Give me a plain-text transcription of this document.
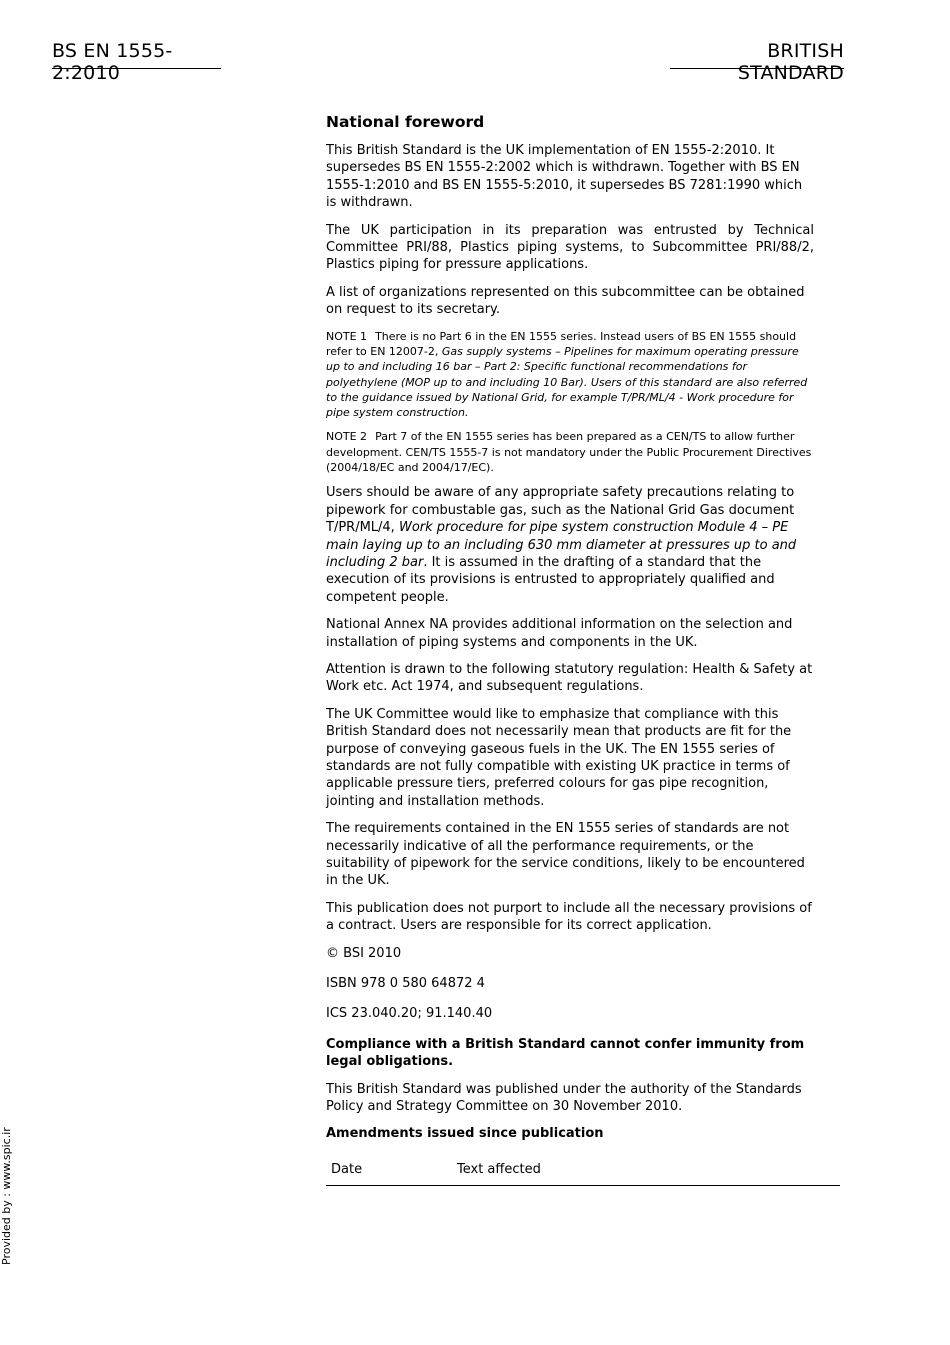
BS EN 1555-2:2010
BRITISH STANDARD
Provided by : www.spic.ir
National foreword

This British Standard is the UK implementation of EN 1555-2:2010. It supersedes BS EN 1555-2:2002 which is withdrawn. Together with BS EN 1555-1:2010 and BS EN 1555-5:2010, it supersedes BS 7281:1990 which is withdrawn.

The UK participation in its preparation was entrusted by Technical Committee PRI/88, Plastics piping systems, to Subcommittee PRI/88/2, Plastics piping for pressure applications.

A list of organizations represented on this subcommittee can be obtained on request to its secretary.

NOTE 1 There is no Part 6 in the EN 1555 series. Instead users of BS EN 1555 should refer to EN 12007-2, Gas supply systems – Pipelines for maximum operating pressure up to and including 16 bar – Part 2: Specific functional recommendations for polyethylene (MOP up to and including 10 Bar). Users of this standard are also referred to the guidance issued by National Grid, for example T/PR/ML/4 - Work procedure for pipe system construction.
NOTE 2 Part 7 of the EN 1555 series has been prepared as a CEN/TS to allow further development. CEN/TS 1555-7 is not mandatory under the Public Procurement Directives (2004/18/EC and 2004/17/EC).

Users should be aware of any appropriate safety precautions relating to pipework for combustable gas, such as the National Grid Gas document T/PR/ML/4, Work procedure for pipe system construction Module 4 – PE main laying up to an including 630 mm diameter at pressures up to and including 2 bar. It is assumed in the drafting of a standard that the execution of its provisions is entrusted to appropriately qualified and competent people.

National Annex NA provides additional information on the selection and installation of piping systems and components in the UK.

Attention is drawn to the following statutory regulation: Health & Safety at Work etc. Act 1974, and subsequent regulations.

The UK Committee would like to emphasize that compliance with this British Standard does not necessarily mean that products are fit for the purpose of conveying gaseous fuels in the UK. The EN 1555 series of standards are not fully compatible with existing UK practice in terms of applicable pressure tiers, preferred colours for gas pipe recognition, jointing and installation methods.

The requirements contained in the EN 1555 series of standards are not necessarily indicative of all the performance requirements, or the suitability of pipework for the service conditions, likely to be encountered in the UK.

This publication does not purport to include all the necessary provisions of a contract. Users are responsible for its correct application.

© BSI 2010

ISBN 978 0 580 64872 4

ICS 23.040.20; 91.140.40

Compliance with a British Standard cannot confer immunity from legal obligations.

This British Standard was published under the authority of the Standards Policy and Strategy Committee on 30 November 2010.

Amendments issued since publication
Date	Text affected
